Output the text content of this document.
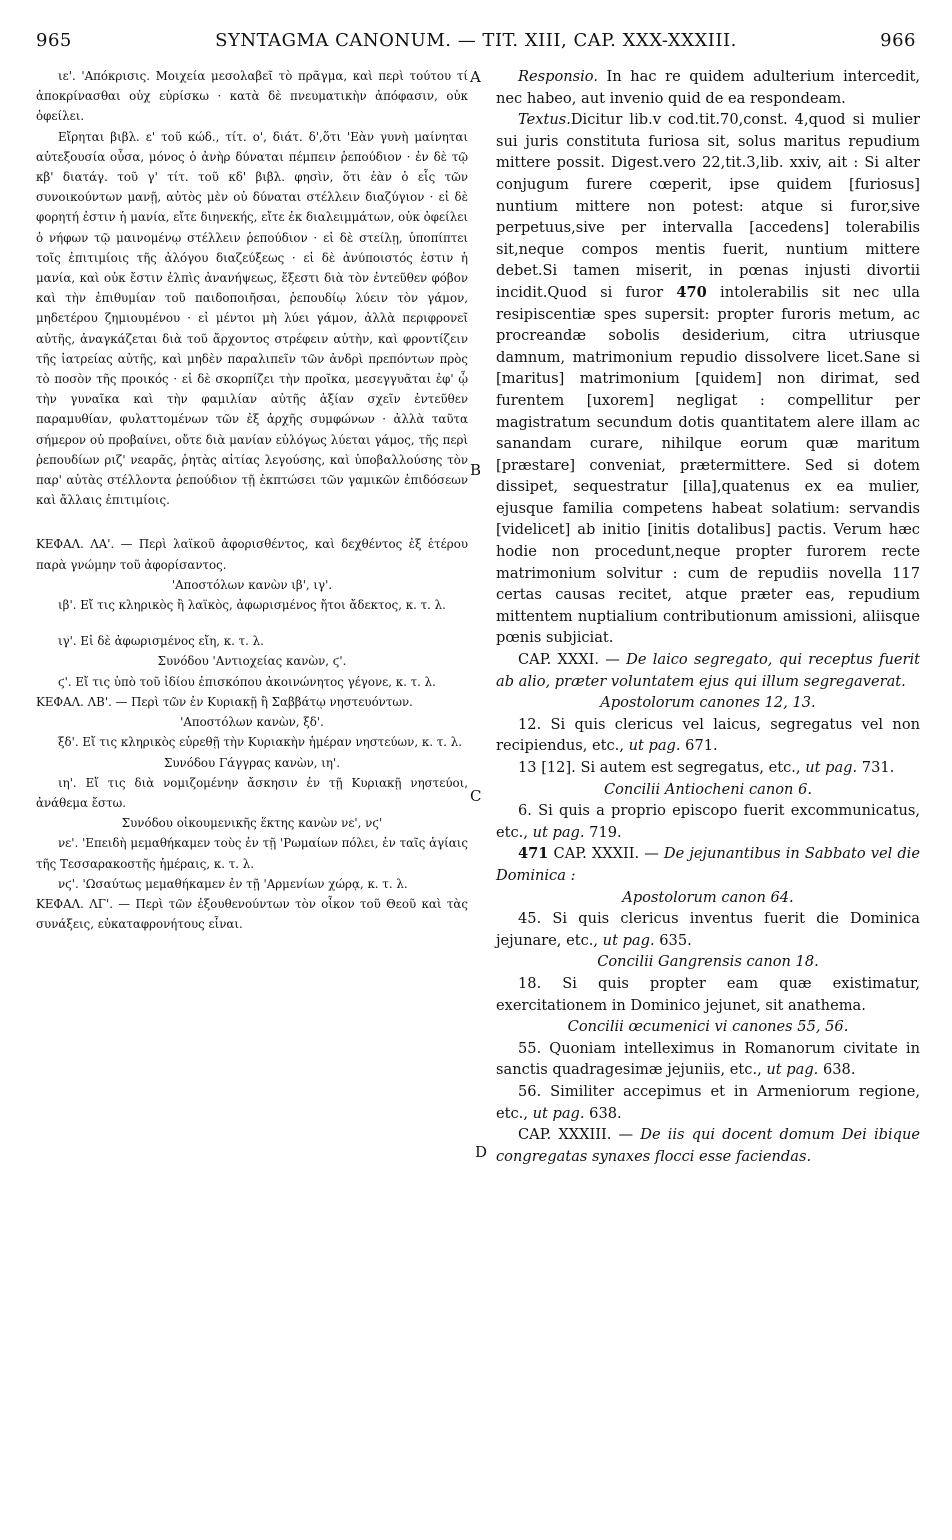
965	SYNTAGMA CANONUM. — TIT. XIII, CAP. XXX-XXXIII.	966
A
B
C
D

ιε'. 'Απόκρισις. Μοιχεία μεσολαβεῖ τὸ πρᾶγμα, καὶ περὶ τούτου τί ἀποκρίνασθαι οὐχ εὑρίσκω · κατὰ δὲ πνευματικὴν ἀπόφασιν, οὐκ ὀφείλει.

Εἴρηται βιβλ. ε' τοῦ κώδ., τίτ. ο', διάτ. δ',ὅτι 'Εὰν γυνὴ μαίνηται αὐτεξουσία οὖσα, μόνος ὁ ἀνὴρ δύναται πέμπειν ῥεπούδιον · ἐν δὲ τῷ κβ' διατάγ. τοῦ γ' τίτ. τοῦ κδ' βιβλ. φησὶν, ὅτι ἐὰν ὁ εἷς τῶν συνοικούντων μανῇ, αὐτὸς μὲν οὐ δύναται στέλλειν διαζύγιον · εἰ δὲ φορητή ἐστιν ἡ μανία, εἴτε διηνεκής, εἴτε ἐκ διαλειμμάτων, οὐκ ὀφείλει ὁ νήφων τῷ μαινομένῳ στέλλειν ῥεπούδιον · εἰ δὲ στείλῃ, ὑποπίπτει τοῖς ἐπιτιμίοις τῆς ἀλόγου διαζεύξεως · εἰ δὲ ἀνύποιστός ἐστιν ἡ μανία, καὶ οὐκ ἔστιν ἐλπὶς ἀνανήψεως, ἔξεστι διὰ τὸν ἐντεῦθεν φόβον καὶ τὴν ἐπιθυμίαν τοῦ παιδοποιῆσαι, ῥεπουδίῳ λύειν τὸν γάμον, μηδετέρου ζημιουμένου · εἰ μέντοι μὴ λύει γάμον, ἀλλὰ περιφρονεῖ αὐτῆς, ἀναγκάζεται διὰ τοῦ ἄρχοντος στρέφειν αὐτὴν, καὶ φροντίζειν τῆς ἰατρείας αὐτῆς, καὶ μηδὲν παραλιπεῖν τῶν ἀνδρὶ πρεπόντων πρὸς τὸ ποσὸν τῆς προικός · εἰ δὲ σκορπίζει τὴν προῖκα, μεσεγγυᾶται ἐφ' ᾧ τὴν γυναῖκα καὶ τὴν φαμιλίαν αὐτῆς ἀξίαν σχεῖν ἐντεῦθεν παραμυθίαν, φυλαττομένων τῶν ἐξ ἀρχῆς συμφώνων · ἀλλὰ ταῦτα σήμερον οὐ προβαίνει, οὔτε διὰ μανίαν εὐλόγως λύεται γάμος, τῆς περὶ ῥεπουδίων ριζ' νεαρᾶς, ῥητὰς αἰτίας λεγούσης, καὶ ὑποβαλλούσης τὸν παρ' αὐτὰς στέλλοντα ῥεπούδιον τῇ ἐκπτώσει τῶν γαμικῶν ἐπιδόσεων καὶ ἄλλαις ἐπιτιμίοις.

ΚΕΦΑΛ. ΛΑ'. — Περὶ λαϊκοῦ ἀφορισθέντος, καὶ δεχθέντος ἐξ ἑτέρου παρὰ γνώμην τοῦ ἀφορίσαντος.

'Αποστόλων κανὼν ιβ', ιγ'.

ιβ'. Εἴ τις κληρικὸς ἢ λαϊκὸς, ἀφωρισμένος ἤτοι ἄδεκτος, κ. τ. λ.

ιγ'. Εἰ δὲ ἀφωρισμένος εἴη, κ. τ. λ.

Συνόδου 'Αντιοχείας κανὼν, ϛ'.

ϛ'. Εἴ τις ὑπὸ τοῦ ἰδίου ἐπισκόπου ἀκοινώνητος γέγονε, κ. τ. λ.

ΚΕΦΑΛ. ΛΒ'. — Περὶ τῶν ἐν Κυριακῇ ἢ Σαββάτῳ νηστευόντων.

'Αποστόλων κανὼν, ξδ'.

ξδ'. Εἴ τις κληρικὸς εὑρεθῇ τὴν Κυριακὴν ἡμέραν νηστεύων, κ. τ. λ.

Συνόδου Γάγγρας κανὼν, ιη'.

ιη'. Εἴ τις διὰ νομιζομένην ἄσκησιν ἐν τῇ Κυριακῇ νηστεύοι, ἀνάθεμα ἔστω.

Συνόδου οἰκουμενικῆς ἕκτης κανὼν νε', νϛ'

νε'. 'Επειδὴ μεμαθήκαμεν τοὺς ἐν τῇ 'Ρωμαίων πόλει, ἐν ταῖς ἁγίαις τῆς Τεσσαρακοστῆς ἡμέραις, κ. τ. λ.

νϛ'. 'Ωσαύτως μεμαθήκαμεν ἐν τῇ 'Αρμενίων χώρᾳ, κ. τ. λ.

ΚΕΦΑΛ. ΛΓ'. — Περὶ τῶν ἐξουθενούντων τὸν οἶκον τοῦ Θεοῦ καὶ τὰς συνάξεις, εὐκαταφρονήτους εἶναι.

Responsio. In hac re quidem adulterium intercedit, nec habeo, aut invenio quid de ea respondeam.

Textus.Dicitur lib.v cod.tit.70,const. 4,quod si mulier sui juris constituta furiosa sit, solus maritus repudium mittere possit. Digest.vero 22,tit.3,lib. xxiv, ait : Si alter conjugum furere cœperit, ipse quidem [furiosus] nuntium mittere non potest: atque si furor,sive perpetuus,sive per intervalla [accedens] tolerabilis sit,neque compos mentis fuerit, nuntium mittere debet.Si tamen miserit, in pœnas injusti divortii incidit.Quod si furor 470 intolerabilis sit nec ulla resipiscentiæ spes supersit: propter furoris metum, ac procreandæ sobolis desiderium, citra utriusque damnum, matrimonium repudio dissolvere licet.Sane si [maritus] matrimonium [quidem] non dirimat, sed furentem [uxorem] negligat : compellitur per magistratum secundum dotis quantitatem alere illam ac sanandam curare, nihilque eorum quæ maritum [præstare] conveniat, prætermittere. Sed si dotem dissipet, sequestratur [illa],quatenus ex ea mulier, ejusque familia competens habeat solatium: servandis [videlicet] ab initio [initis dotalibus] pactis. Verum hæc hodie non procedunt,neque propter furorem recte matrimonium solvitur : cum de repudiis novella 117 certas causas recitet, atque præter eas, repudium mittentem nuptialium contributionum amissioni, aliisque pœnis subjiciat.

CAP. XXXI. — De laico segregato, qui receptus fuerit ab alio, præter voluntatem ejus qui illum segregaverat.

Apostolorum canones 12, 13.

12. Si quis clericus vel laicus, segregatus vel non recipiendus, etc., ut pag. 671.

13 [12]. Si autem est segregatus, etc., ut pag. 731.

Concilii Antiocheni canon 6.

6. Si quis a proprio episcopo fuerit excommunicatus, etc., ut pag. 719.

471 CAP. XXXII. — De jejunantibus in Sabbato vel die Dominica :

Apostolorum canon 64.

45. Si quis clericus inventus fuerit die Dominica jejunare, etc., ut pag. 635.

Concilii Gangrensis canon 18.

18. Si quis propter eam quæ existimatur, exercitationem in Dominico jejunet, sit anathema.

Concilii œcumenici vi canones 55, 56.

55. Quoniam intelleximus in Romanorum civitate in sanctis quadragesimæ jejuniis, etc., ut pag. 638.

56. Similiter accepimus et in Armeniorum regione, etc., ut pag. 638.

CAP. XXXIII. — De iis qui docent domum Dei ibique congregatas synaxes flocci esse faciendas.
